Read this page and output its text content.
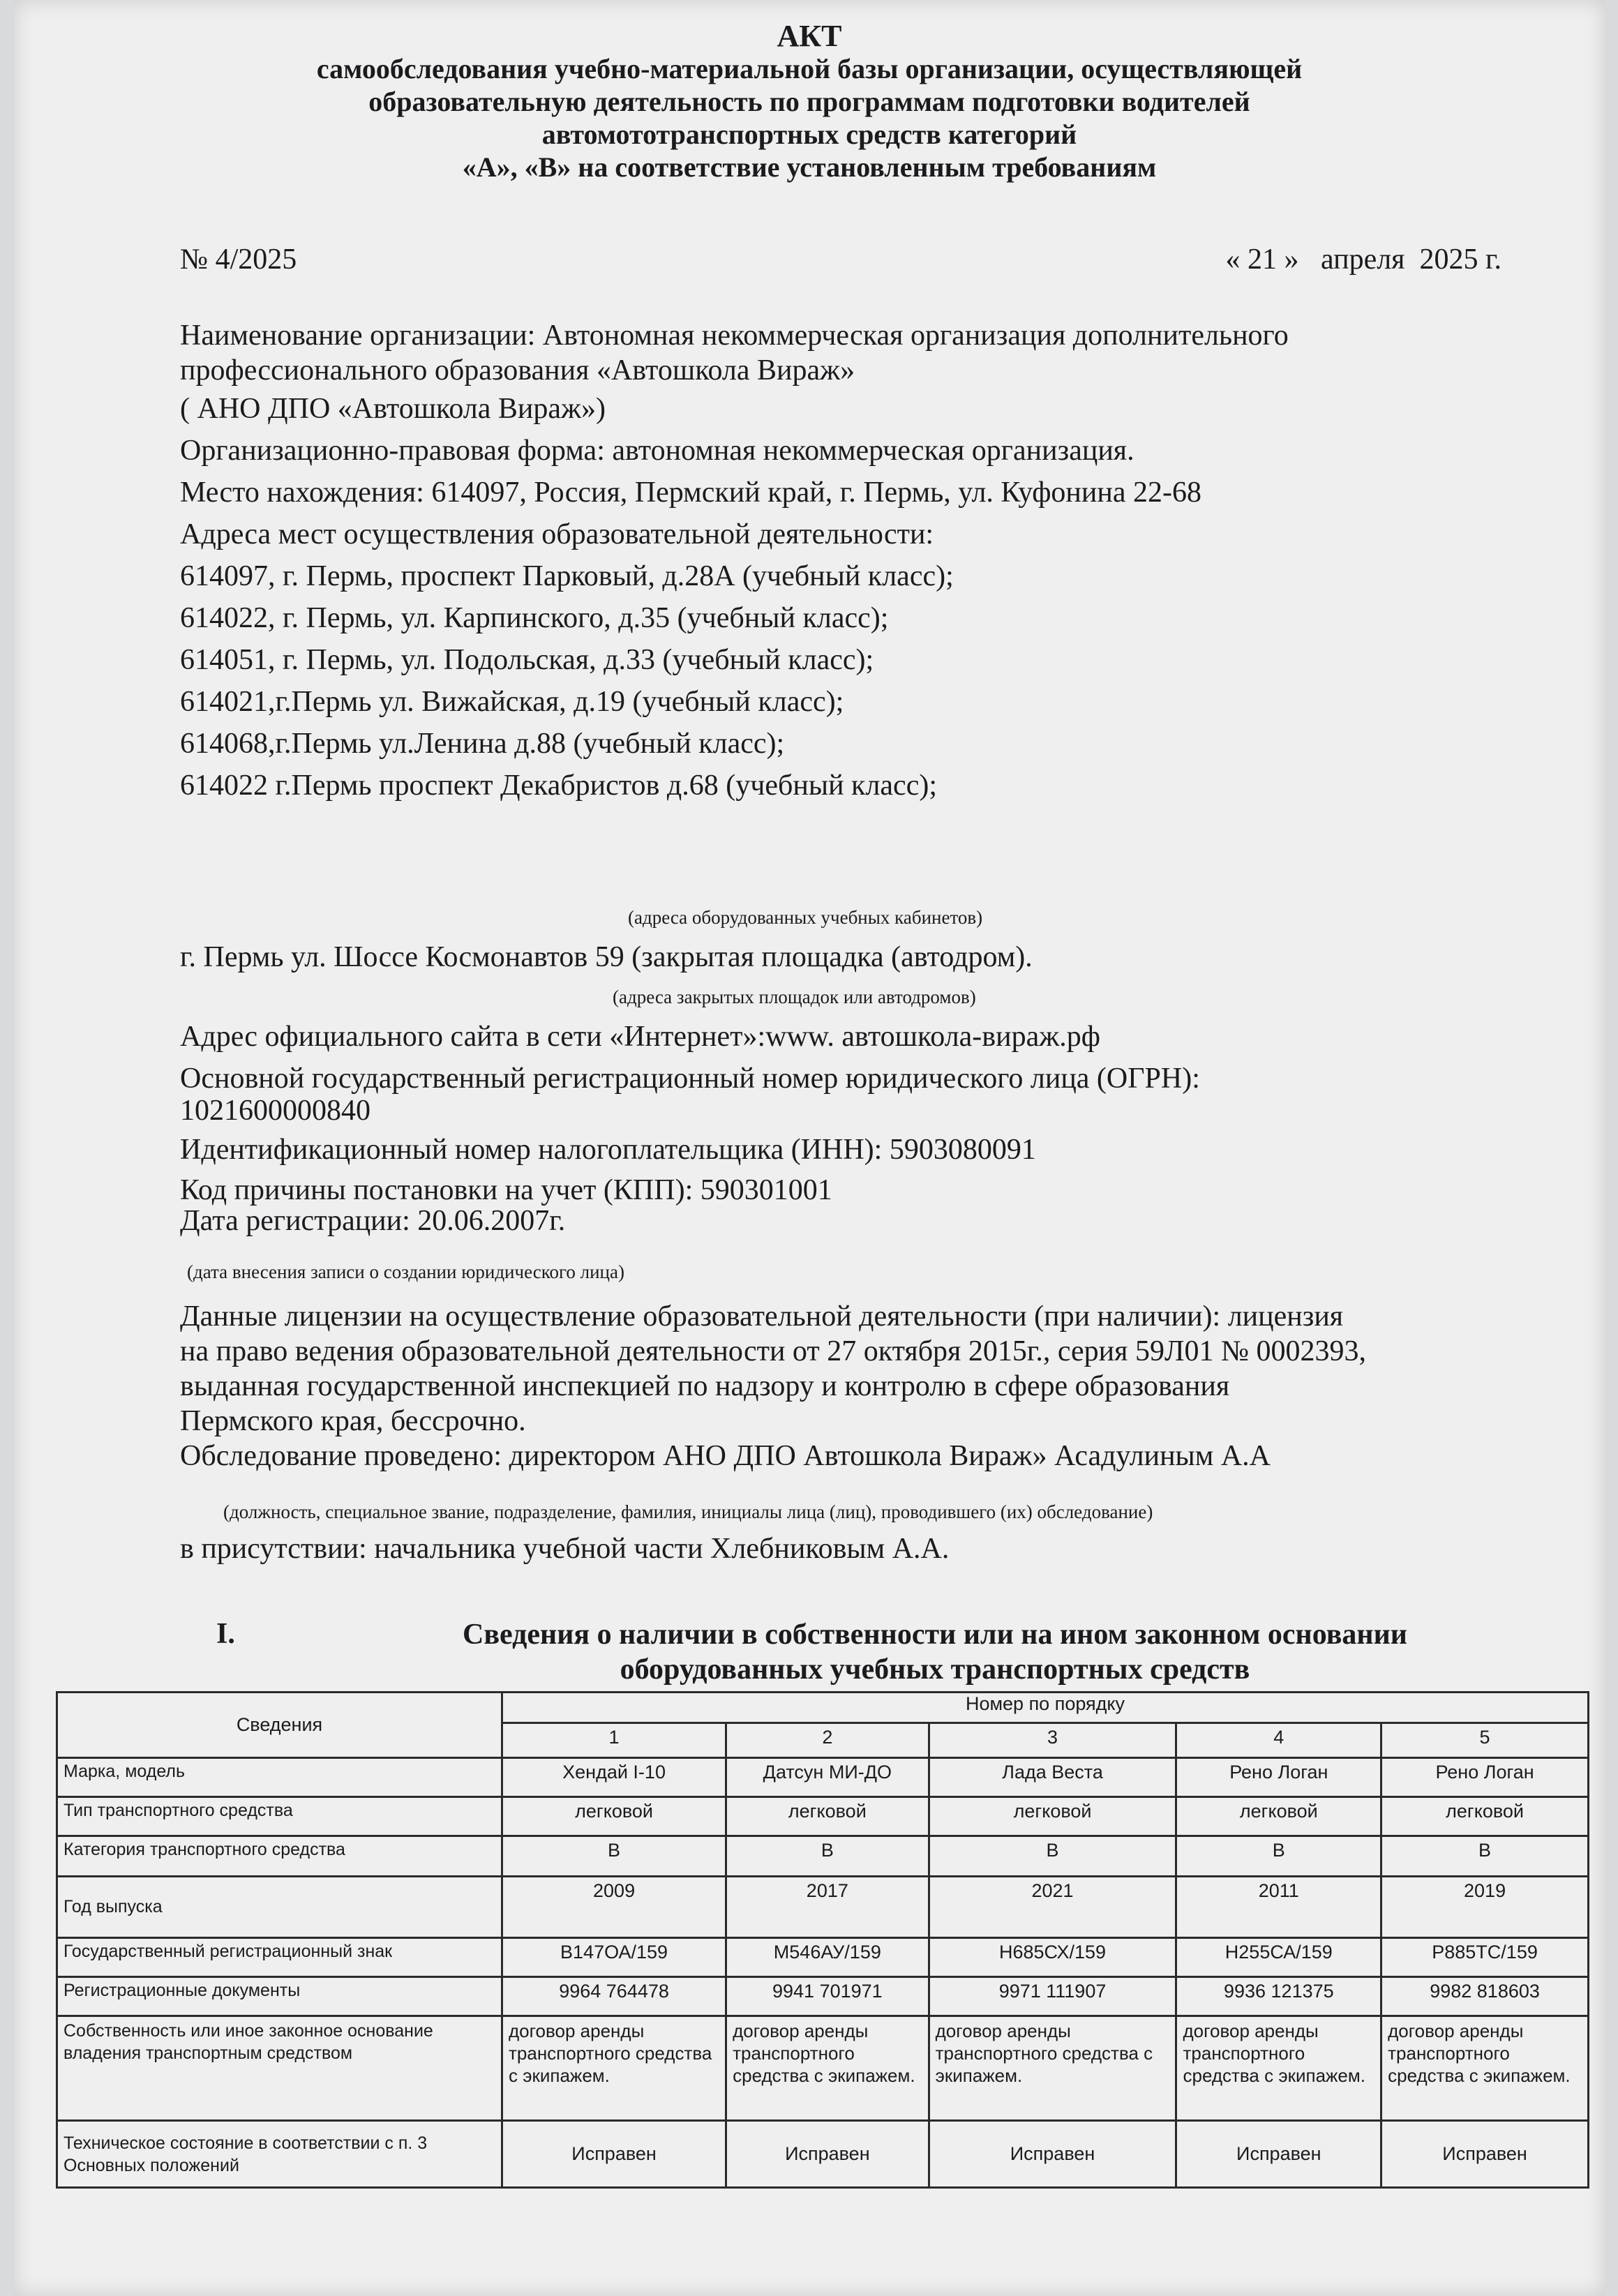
АКТ
самообследования учебно-материальной базы организации, осуществляющей
образовательную деятельность по программам подготовки водителей
автомототранспортных средств категорий
«А», «В» на соответствие установленным требованиям
№ 4/2025	« 21 »   апреля  2025 г.
Наименование организации: Автономная некоммерческая организация дополнительного
профессионального образования «Автошкола Вираж»
( АНО ДПО «Автошкола Вираж»)
Организационно-правовая форма: автономная некоммерческая организация.
Место нахождения: 614097, Россия, Пермский край, г. Пермь, ул. Куфонина 22-68
Адреса мест осуществления образовательной деятельности:
614097, г. Пермь, проспект Парковый, д.28А (учебный класс);
614022, г. Пермь, ул. Карпинского, д.35 (учебный класс);
614051, г. Пермь, ул. Подольская, д.33 (учебный класс);
614021,г.Пермь ул. Вижайская, д.19 (учебный класс);
614068,г.Пермь ул.Ленина д.88 (учебный класс);
614022 г.Пермь проспект Декабристов д.68 (учебный класс);
(адреса оборудованных учебных кабинетов)
г. Пермь ул. Шоссе Космонавтов 59 (закрытая площадка (автодром).
(адреса закрытых площадок или автодромов)
Адрес официального сайта в сети «Интернет»:www. автошкола-вираж.рф
Основной государственный регистрационный номер юридического лица (ОГРН):
1021600000840
Идентификационный номер налогоплательщика (ИНН): 5903080091
Код причины постановки на учет (КПП): 590301001
Дата регистрации: 20.06.2007г.
(дата внесения записи о создании юридического лица)
Данные лицензии на осуществление образовательной деятельности (при наличии): лицензия
на право ведения образовательной деятельности от 27 октября 2015г., серия 59Л01 № 0002393,
выданная государственной инспекцией по надзору и контролю в сфере образования
Пермского края, бессрочно.
Обследование проведено: директором АНО ДПО Автошкола Вираж» Асадулиным А.А
(должность, специальное звание, подразделение, фамилия, инициалы лица (лиц), проводившего (их) обследование)
в присутствии: начальника учебной части Хлебниковым А.А.
I.	Сведения о наличии в собственности или на ином законном основании
оборудованных учебных транспортных средств
Сведения	Номер по порядку				
	1	2	3	4	5
Марка, модель	Хендай I-10	Датсун МИ-ДО	Лада Веста	Рено Логан	Рено Логан
Тип транспортного средства	легковой	легковой	легковой	легковой	легковой
Категория транспортного средства	В	В	В	В	В
Год выпуска	2009	2017	2021	2011	2019
Государственный регистрационный знак	В147ОА/159	М546АУ/159	Н685СХ/159	Н255СА/159	Р885ТС/159
Регистрационные документы	9964 764478	9941 701971	9971 111907	9936 121375	9982 818603
Собственность или иное законное основание владения транспортным средством	договор аренды транспортного средства с экипажем.	договор аренды транспортного средства с экипажем.	договор аренды транспортного средства с экипажем.	договор аренды транспортного средства с экипажем.	договор аренды транспортного средства с экипажем.
Техническое состояние в соответствии с п. 3 Основных положений	Исправен	Исправен	Исправен	Исправен	Исправен
